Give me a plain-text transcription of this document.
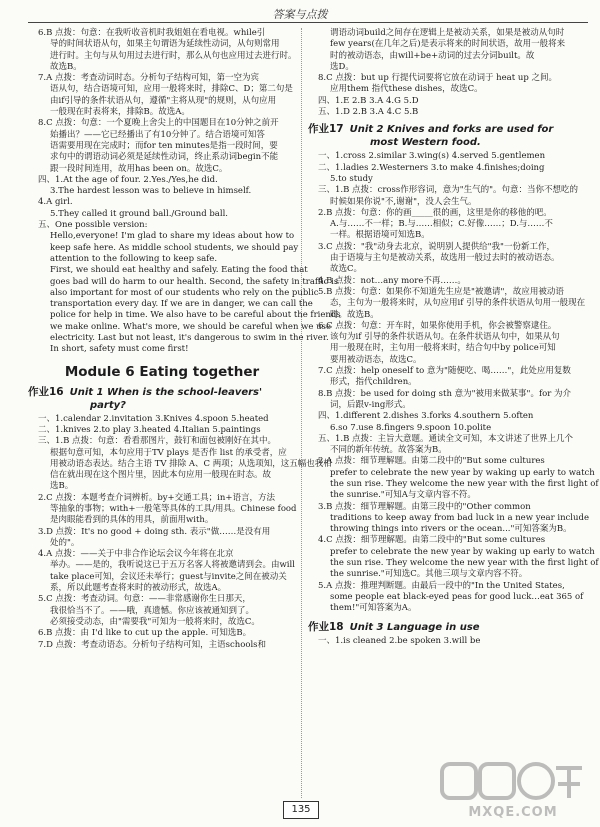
答案与点拨
6.B 点拨：句意：在我听收音机时我姐姐在看电视。while引
导的时间状语从句，如果主句谓语为延续性动词，从句则常用
进行时。主句与从句用过去进行时，那么从句也应用过去进行时。
故选B。
7.A 点拨：考查动词时态。分析句子结构可知，第一空为宾
语从句，结合语境可知，应用一般将来时，排除C、D；第二句是
由if引导的条件状语从句，遵循"主将从现"的规则，从句应用
一般现在时表将来，排除B。故选A。
8.C 点拨：句意：一个夏晚上舍尖上的中国题目在10分钟之前开
始播出？——它已经播出了有10分钟了。结合语境可知答
语需要用现在完成时；而for ten minutes是指一段时间，要
求句中的谓语动词必须是延续性动词，终止系动词begin不能
跟一段时间连用，故用has been on。故选C。
四、1.At the age of four. 2.Yes./Yes,he did.
3.The hardest lesson was to believe in himself.
4.A girl.
5.They called it ground ball./Ground ball.
五、One possible version:
Hello,everyone! I'm glad to share my ideas about how to
keep safe here. As middle school students, we should pay
attention to the following to keep safe.
First, we should eat healthy and safely. Eating the food that
goes bad will do harm to our health. Second, the safety in traffic is
also important for most of our students who rely on the public
transportation every day. If we are in danger, we can call the
police for help in time. We also have to be careful about the friends
we make online. What's more, we should be careful when we use
electricity. Last but not least, it's dangerous to swim in the river.
In short, safety must come first!
Module 6 Eating together
作业16 Unit 1 When is the school-leavers'
party?
一、1.calendar 2.invitation 3.Knives 4.spoon 5.heated
二、1.knives 2.to play 3.heated 4.Italian 5.paintings
三、1.B 点拨：句意：看看那图片，鼓钉和面包被刚好在其中。
根据句意可知，本句应用于TV plays 是否作 list 的承受者，应
用被动语态表达。结合主语 TV 排除 A、C 两项；从选项知，这五幅也我相
信在就出现在这个图片里，因此本句应用一般现在时态。故
选B。
2.C 点拨：本题考查介词辨析。by+交通工具；in+语言，方法
等抽象的事物；with+一般笔等具体的工具/用具。Chinese food
是肉眼能看到的具体的用具，前面用with。
3.D 点拨：It's no good + doing sth. 表示"做……是没有用
处的"。
4.A 点拨：——关于中非合作论坛会议今年将在北京
举办。——是的，我听说这已于五万名客人将被邀请到会。由will
take place可知，会议还未举行；guest与invite之间在被动关
系，所以此题考查将来时的被动形式，故选A。
5.C 点拨：考查动词。句意：——非常感谢你生日那天，
我很恰当不了。——哦，真遗憾。你应该被通知到了。
必须接受动态，由"需要我"可知为一般将来时，故选C。
6.B 点拨：由 I'd like to cut up the apple. 可知选B。
7.D 点拨：考查动语态。分析句子结构可知，主语schools和
谓语动词build之间存在逻辑上是被动关系，如果是被动从句时
few years(在几年之后)是表示将来的时间状语，故用一般将来
时的被动语态，由will+be+动词的过去分词built。故
选D。
8.C 点拨：but up 行提代词要将它放在动词于 heat up 之间。
应用them 指代these dishes，故选C。
四、1.E 2.B 3.A 4.G 5.D
五、1.D 2.B 3.A 4.C 5.B
作业17 Unit 2 Knives and forks are used for
most Western food.
一、1.cross 2.similar 3.wing(s) 4.served 5.gentlemen
二、1.ladies 2.Westerners 3.to make 4.finishes;doing
5.to study
三、1.B 点拨：cross作形容词，意为"生气的"。句意：当你不想吃的
时候如果你说"不,谢谢"，没人会生气。
2.B 点拨：句意：你的画_____很的画，这里是你的移他的吧。
A.与……不一样；B.与……相似；C.好像……；D.与……不
一样。根据语境可知选B。
3.C 点拨："我"动身去北京，说明别人提供给"我"一份新工作，
由于语境与主句是被动关系，故选用一般过去时的被动语态。
故选C。
4.B 点拨：not…any more不再……。
5.B 点拨：句意：如果你不知道先生应是"被邀请"，故应用被动语
态，主句为一般将来时，从句应用if 引导的条件状语从句用一般现在
时。故选B。
6.C 点拨：句意：开车时，如果你使用手机，你会被警察逮住。
该句为if 引导的条件状语从句。在条件状语从句中，如果从句
用一般现在时，主句用一般将来时，结合句中by police可知
要用被动语态，故选C。
7.C 点拨：help oneself to 意为"随便吃、喝……"，此处应用复数
形式，指代children。
8.B 点拨：be used for doing sth 意为"被用来做某事"。for 为介
词，后跟v-ing形式。
四、1.different 2.dishes 3.forks 4.southern 5.often
6.so 7.use 8.fingers 9.spoon 10.polite
五、1.B 点拨：主旨大意题。通读全文可知，本文讲述了世界上几个
不同的新年传统。故答案为B。
2.A 点拨：细节理解题。由第二段中的"But some cultures
prefer to celebrate the new year by waking up early to watch
the sun rise. They welcome the new year with the first light of
the sunrise."可知A与文章内容不符。
3.B 点拨：细节理解题。由第三段中的"Other common
traditions to keep away from bad luck in a new year include
throwing things into rivers or the ocean..."可知答案为B。
4.C 点拨：细节理解题。由第二段中的"But some cultures
prefer to celebrate the new year by waking up early to watch
the sun rise. They welcome the new year with the first light of
the sunrise."可知选C。其他三项与文章内容不符。
5.A 点拨：推理判断题。由最后一段中的"In the United States,
some people eat black-eyed peas for good luck…eat 365 of
them!"可知答案为A。
作业18 Unit 3 Language in use
一、1.is cleaned 2.be spoken 3.will be
135	MXQE.COM
